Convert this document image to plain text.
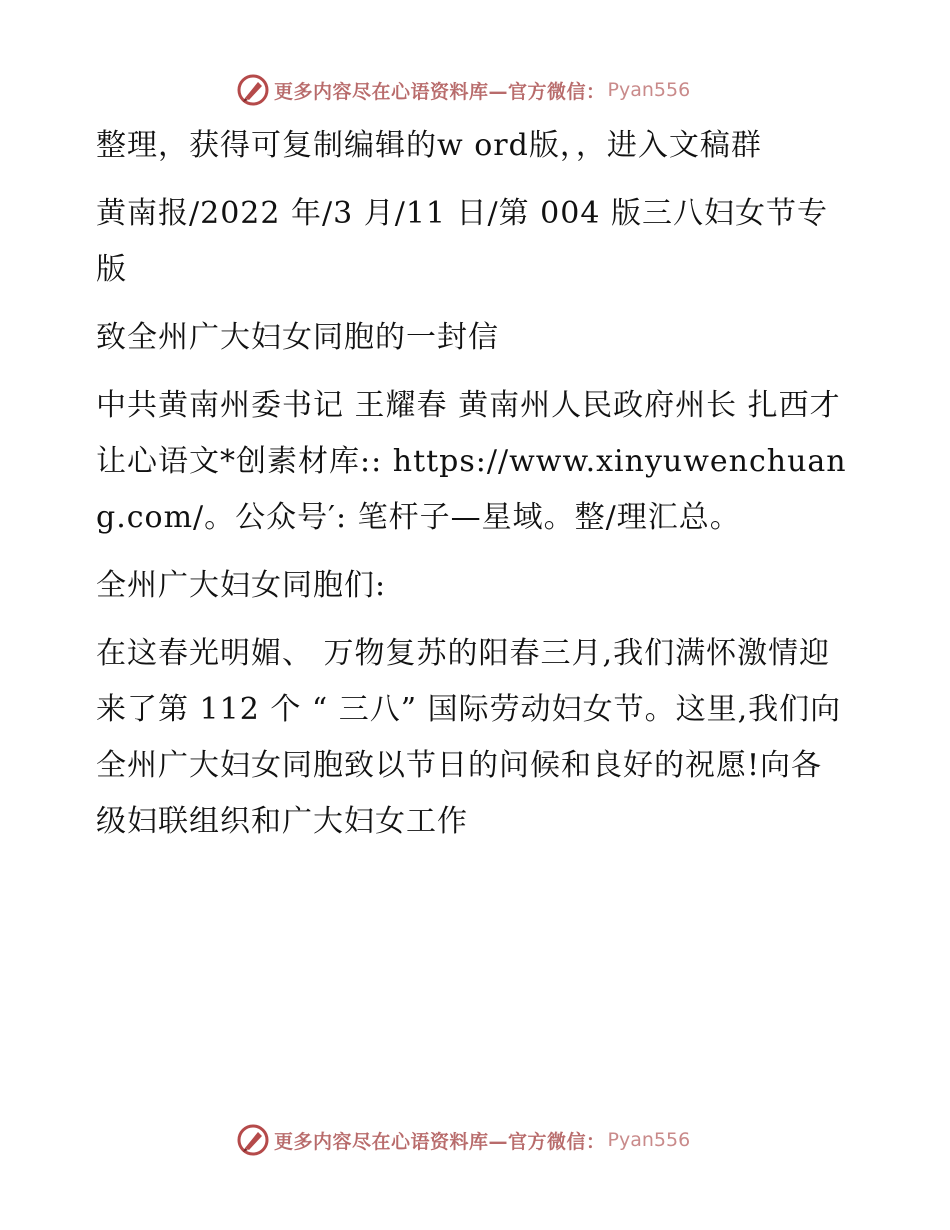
更多内容尽在心语资料库—官方微信： Pyan556

整理，获得可复制编辑的w ord版，，进入文稿群

黄南报/2022 年/3 月/11 日/第 004 版三八妇女节专版

致全州广大妇女同胞的一封信

中共黄南州委书记 王耀春 黄南州人民政府州长 扎西才让心语文*创素材库:: https://www.xinyuwenchuang.com/。公众号′: 笔杆子—星域。整/理汇总。

全州广大妇女同胞们:

在这春光明媚、 万物复苏的阳春三月,我们满怀激情迎来了第 112 个 “ 三八” 国际劳动妇女节。这里,我们向全州广大妇女同胞致以节日的问候和良好的祝愿!向各级妇联组织和广大妇女工作

更多内容尽在心语资料库—官方微信： Pyan556
